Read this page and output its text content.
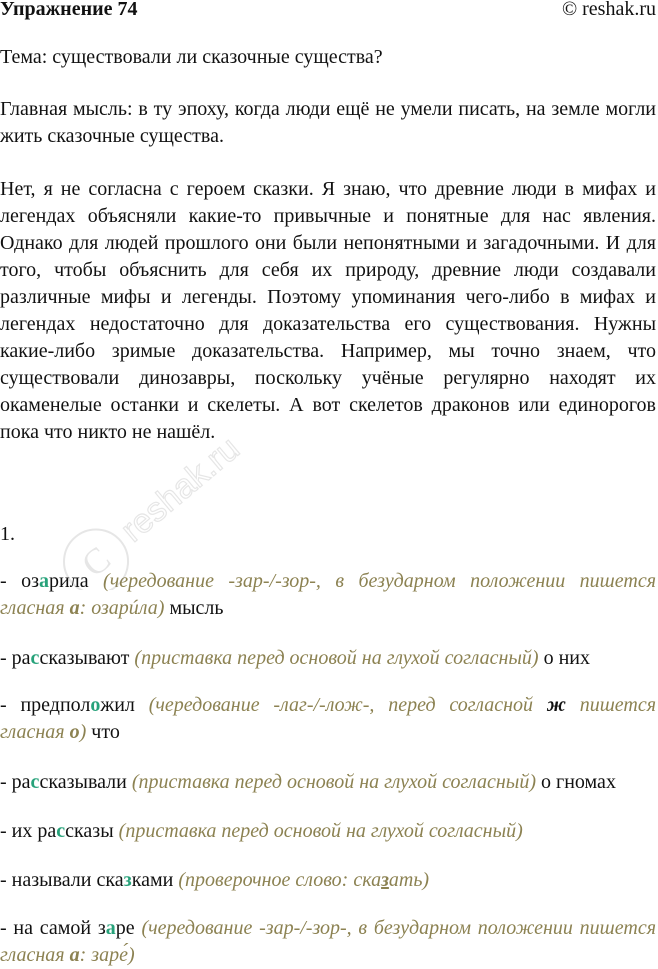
Упражнение 74	© reshak.ru
Тема: существовали ли сказочные существа?
Главная мысль: в ту эпоху, когда люди ещё не умели писать, на земле могли жить сказочные существа.
Нет, я не согласна с героем сказки. Я знаю, что древние люди в мифах и легендах объясняли какие-то привычные и понятные для нас явления. Однако для людей прошлого они были непонятными и загадочными. И для того, чтобы объяснить для себя их природу, древние люди создавали различные мифы и легенды. Поэтому упоминания чего-либо в мифах и легендах недостаточно для доказательства его существования. Нужны какие-либо зримые доказательства. Например, мы точно знаем, что существовали динозавры, поскольку учёные регулярно находят их окаменелые останки и скелеты. А вот скелетов драконов или единорогов пока что никто не нашёл.
1.
- озарила (чередование -зар-/-зор-, в безударном положении пишется гласная а: озарúла) мысль
- рассказывают (приставка перед основой на глухой согласный) о них
- предположил (чередование -лаг-/-лож-, перед согласной ж пишется гласная о) что
- рассказывали (приставка перед основой на глухой согласный) о гномах
- их рассказы (приставка перед основой на глухой согласный)
- называли сказками (проверочное слово: сказать)
- на самой заре (чередование -зар-/-зор-, в безударном положении пишется гласная а: заре́)
C
reshak.ru
